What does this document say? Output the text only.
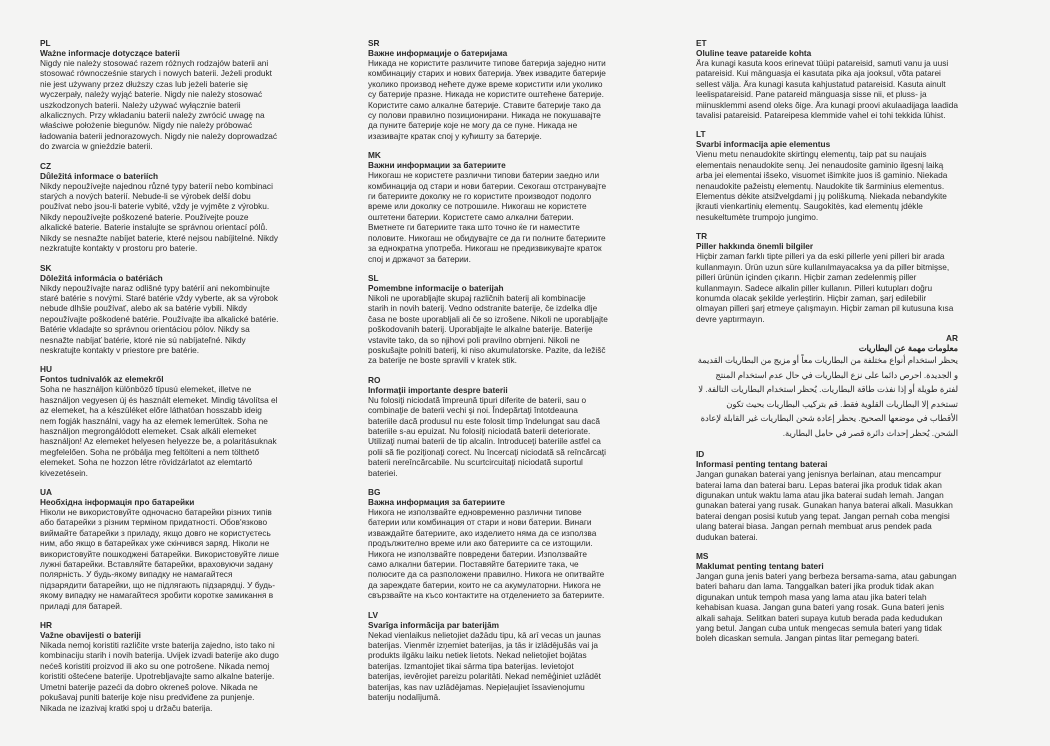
PL
Ważne informacje dotyczące baterii
Nigdy nie należy stosować razem różnych rodzajów baterii ani stosować równocześnie starych i nowych baterii. Jeżeli produkt nie jest używany przez dłuższy czas lub jeżeli baterie się wyczerpały, należy wyjąć baterie. Nigdy nie należy stosować uszkodzonych baterii. Należy używać wyłącznie baterii alkalicznych. Przy wkładaniu baterii należy zwrócić uwagę na właściwe położenie biegunów. Nigdy nie należy próbować ładowania baterii jednorazowych. Nigdy nie należy doprowadzać do zwarcia w gnieździe baterii.
CZ
Důležitá informace o bateriích
Nikdy nepoužívejte najednou různé typy baterií nebo kombinaci starých a nových baterií. Nebude-li se výrobek delší dobu používat nebo jsou-li baterie vybité, vždy je vyjměte z výrobku. Nikdy nepoužívejte poškozené baterie. Používejte pouze alkalické baterie. Baterie instalujte se správnou orientací pólů. Nikdy se nesnažte nabíjet baterie, které nejsou nabíjitelné. Nikdy nezkratujte kontakty v prostoru pro baterie.
SK
Dôležitá informácia o batériách
Nikdy nepoužívajte naraz odlišné typy batérií ani nekombinujte staré batérie s novými. Staré batérie vždy vyberte, ak sa výrobok nebude dlhšie používať, alebo ak sa batérie vybili. Nikdy nepoužívajte poškodené batérie. Používajte iba alkalické batérie. Batérie vkladajte so správnou orientáciou pólov. Nikdy sa nesnažte nabíjať batérie, ktoré nie sú nabíjateľné. Nikdy neskratujte kontakty v priestore pre batérie.
HU
Fontos tudnivalók az elemekről
Soha ne használjon különböző típusú elemeket, illetve ne használjon vegyesen új és használt elemeket. Mindig távolítsa el az elemeket, ha a készüléket előre láthatóan hosszabb ideig nem fogják használni, vagy ha az elemek lemerültek. Soha ne használjon megrongálódott elemeket. Csak alkáli elemeket használjon! Az elemeket helyesen helyezze be, a polaritásuknak megfelelően. Soha ne próbálja meg feltölteni a nem tölthető elemeket. Soha ne hozzon létre rövidzárlatot az elemtartó kivezetésein.
UA
Необхідна інформація про батарейки
Ніколи не використовуйте одночасно батарейки різних типів або батарейки з різним терміном придатності. Обов'язково виймайте батарейки з приладу, якщо довго не користуєтесь ним, або якщо в батарейках уже скінчився заряд. Ніколи не використовуйте пошкоджені батарейки. Використовуйте лише лужні батарейки. Вставляйте батарейки, враховуючи задану полярність. У будь-якому випадку не намагайтеся підзарядити батарейки, що не підлягають підзарядці. У будь-якому випадку не намагайтеся зробити коротке замикання в приладі для батарей.
HR
Važne obavijesti o bateriji
Nikada nemoj koristiti različite vrste baterija zajedno, isto tako ni kombinaciju starih i novih baterija. Uvijek izvadi baterije ako dugo nećeš koristiti proizvod ili ako su one potrošene. Nikada nemoj koristiti oštećene baterije. Upotrebljavajte samo alkalne baterije. Umetni baterije pazeći da dobro okreneš polove. Nikada ne pokušavaj puniti baterije koje nisu predviđene za punjenje. Nikada ne izazivaj kratki spoj u držaču baterija.
SR
Важне информације о батеријама
Никада не користите различите типове батерија заједно нити комбинацију старих и нових батерија. Увек извадите батерије уколико производ нећете дуже време користити или уколико су батерије празне. Никада не користите оштећене батерије. Користите само алкалне батерије. Ставите батерије тако да су полови правилно позиционирани. Никада не покушавајте да пуните батерије које не могу да се пуне. Никада не изазивајте кратак спој у кућишту за батерије.
MK
Важни информации за батериите
Никогаш не користете различни типови батерии заедно или комбинација од стари и нови батерии. Секогаш отстранувајте ги батериите доколку не го користите производот подолго време или доколку се потрошиле. Никогаш не користете оштетени батерии. Користете само алкални батерии. Вметнете ги батериите така што точно ќе ги наместите половите. Никогаш не обидувајте се да ги полните батериите за еднократна употреба. Никогаш не предизвикувајте краток спој и држачот за батерии.
SL
Pomembne informacije o baterijah
Nikoli ne uporabljajte skupaj različnih baterij ali kombinacije starih in novih baterij. Vedno odstranite baterije, če izdelka dlje časa ne boste uporabljali ali če so izrošene. Nikoli ne uporabljajte poškodovanih baterij. Uporabljajte le alkalne baterije. Baterije vstavite tako, da so njihovi poli pravilno obrnjeni. Nikoli ne poskušajte polniti baterij, ki niso akumulatorske. Pazite, da ležišč za baterije ne boste spravili v kratek stik.
RO
Informaţii importante despre baterii
Nu folosiţi niciodată împreună tipuri diferite de baterii, sau o combinaţie de baterii vechi şi noi. Îndepărtaţi întotdeauna bateriile dacă produsul nu este folosit timp îndelungat sau dacă bateriile s-au epuizat. Nu folosiţi niciodată baterii deteriorate. Utilizaţi numai baterii de tip alcalin. Introduceţi bateriile astfel ca polii să fie poziţionaţi corect. Nu încercaţi niciodată să reîncărcaţi baterii nereîncărcabile. Nu scurtcircuitaţi niciodată suportul bateriei.
BG
Важна информация за батериите
Никога не използвайте едновременно различни типове батерии или комбинация от стари и нови батерии. Винаги изваждайте батериите, ако изделието няма да се използва продължително време или ако батериите са се изтощили. Никога не използвайте повредени батерии. Използвайте само алкални батерии. Поставяйте батериите така, че полюсите да са разположени правилно. Никога не опитвайте да зареждате батерии, които не са акумулаторни. Никога не свързвайте на късо контактите на отделението за батериите.
LV
Svarīga informācija par baterijām
Nekad vienlaikus nelietojiet dažādu tipu, kā arī vecas un jaunas baterijas. Vienmēr izņemiet baterijas, ja tās ir izlādējušās vai ja produkts ilgāku laiku netiek lietots. Nekad nelietojiet bojātas baterijas. Izmantojiet tikai sārma tipa baterijas. Ievietojot baterijas, ievērojiet pareizu polaritāti. Nekad nemēģiniet uzlādēt baterijas, kas nav uzlādējamas. Nepieļaujiet īssavienojumu bateriju nodalījumā.
ET
Oluline teave patareide kohta
Ära kunagi kasuta koos erinevat tüüpi patareisid, samuti vanu ja uusi patareisid. Kui mänguasja ei kasutata pika aja jooksul, võta patarei sellest välja. Ära kunagi kasuta kahjustatud patareisid. Kasuta ainult leelispatareisid. Pane patareid mänguasja sisse nii, et pluss- ja miinusklemmi asend oleks õige. Ära kunagi proovi akulaadijaga laadida tavalisi patareisid. Patareipesa klemmide vahel ei tohi tekkida lühist.
LT
Svarbi informacija apie elementus
Vienu metu nenaudokite skirtingų elementų, taip pat su naujais elementais nenaudokite senų. Jei nenaudosite gaminio ilgesnį laiką arba jei elementai išseko, visuomet išimkite juos iš gaminio. Niekada nenaudokite pažeistų elementų. Naudokite tik šarminius elementus. Elementus dėkite atsižvelgdami į jų poliškumą. Niekada nebandykite įkrauti vienkartinių elementų. Saugokitės, kad elementų jdėkle nesukeltumėte trumpojo jungimo.
TR
Piller hakkında önemli bilgiler
Hiçbir zaman farklı tipte pilleri ya da eski pillerle yeni pilleri bir arada kullanmayın. Ürün uzun süre kullanılmayacaksa ya da piller bitmişse, pilleri ürünün içinden çıkarın. Hiçbir zaman zedelenmiş piller kullanmayın. Sadece alkalin piller kullanın. Pilleri kutupları doğru konumda olacak şekilde yerleştirin. Hiçbir zaman, şarj edilebilir olmayan pilleri şarj etmeye çalışmayın. Hiçbir zaman pil kutusuna kısa devre yaptırmayın.
AR
معلومات مهمة عن البطاريات
يحظر استخدام أنواع مختلفة من البطاريات معاً أو مزيج من البطاريات القديمة و الجديدة. احرص دائما على نزع البطاريات في حال عدم استخدام المنتج لفترة طويلة أو إذا نفذت طاقة البطاريات. يُحظر استخدام البطاريات التالفة. لا تستخدم إلا البطاريات القلوية فقط. قم بتركيب البطاريات بحيث تكون الأقطاب في موضعها الصحيح. يحظر إعادة شحن البطاريات غير القابلة لإعادة الشحن. يُحظر إحداث دائرة قصر في حامل البطارية.
ID
Informasi penting tentang baterai
Jangan gunakan baterai yang jenisnya berlainan, atau mencampur baterai lama dan baterai baru. Lepas baterai jika produk tidak akan digunakan untuk waktu lama atau jika baterai sudah lemah. Jangan gunakan baterai yang rusak. Gunakan hanya baterai alkali. Masukkan baterai dengan posisi kutub yang tepat. Jangan pernah coba mengisi ulang baterai biasa. Jangan pernah membuat arus pendek pada dudukan baterai.
MS
Maklumat penting tentang bateri
Jangan guna jenis bateri yang berbeza bersama-sama, atau gabungan bateri baharu dan lama. Tanggalkan bateri jika produk tidak akan digunakan untuk tempoh masa yang lama atau jika bateri telah kehabisan kuasa. Jangan guna bateri yang rosak. Guna bateri jenis alkali sahaja. Selitkan bateri supaya kutub berada pada kedudukan yang betul. Jangan cuba untuk mengecas semula bateri yang tidak boleh dicaskan semula. Jangan pintas litar pemegang bateri.
